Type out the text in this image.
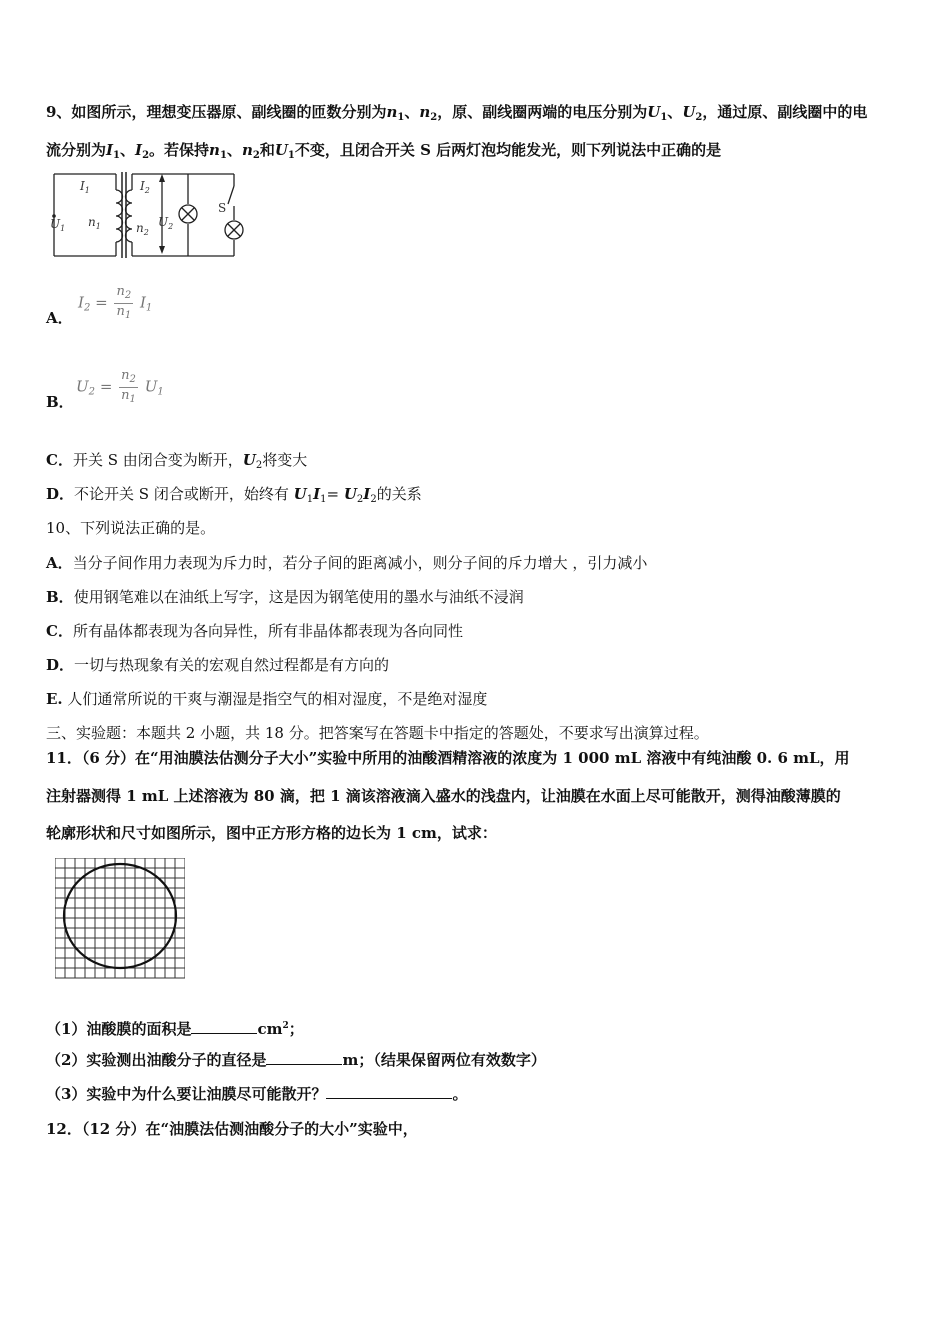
9、如图所示，理想变压器原、副线圈的匝数分别为$n_1$、$n_2$，原、副线圈两端的电压分别为$U_1$、$U_2$，通过原、副线圈中的电
流分别为$I_1$、$I_2$。若保持$n_1$、$n_2$和$U_1$不变，且闭合开关 S 后两灯泡均能发光，则下列说法中正确的是
$I_1$
$U_1$ $n_1$
$I_2$
$n_2$
$U_2$
S
A．
$I_2 = \frac{n_2}{n_1} I_1$
B．
$U_2 = \frac{n_2}{n_1} U_1$
C．开关 S 由闭合变为断开，$U_2$将变大
D．不论开关 S 闭合或断开，始终有 $U_1I_1= U_2I_2$的关系
10、下列说法正确的是。
A．当分子间作用力表现为斥力时，若分子间的距离减小，则分子间的斥力增大 ，引力减小
B．使用钢笔难以在油纸上写字，这是因为钢笔使用的墨水与油纸不浸润
C．所有晶体都表现为各向异性，所有非晶体都表现为各向同性
D．一切与热现象有关的宏观自然过程都是有方向的
E. 人们通常所说的干爽与潮湿是指空气的相对湿度，不是绝对湿度
三、实验题：本题共 2 小题，共 18 分。把答案写在答题卡中指定的答题处，不要求写出演算过程。
11．（6 分）在“用油膜法估测分子大小”实验中所用的油酸酒精溶液的浓度为 1 000 mL 溶液中有纯油酸 0. 6 mL，用
注射器测得 1 mL 上述溶液为 80 滴，把 1 滴该溶液滴入盛水的浅盘内，让油膜在水面上尽可能散开，测得油酸薄膜的
轮廓形状和尺寸如图所示，图中正方形方格的边长为 1 cm，试求：
（1）油酸膜的面积是	$cm^2$；
（2）实验测出油酸分子的直径是	m；（结果保留两位有效数字）
（3）实验中为什么要让油膜尽可能散开？	。
12．（12 分）在“油膜法估测油酸分子的大小”实验中，
